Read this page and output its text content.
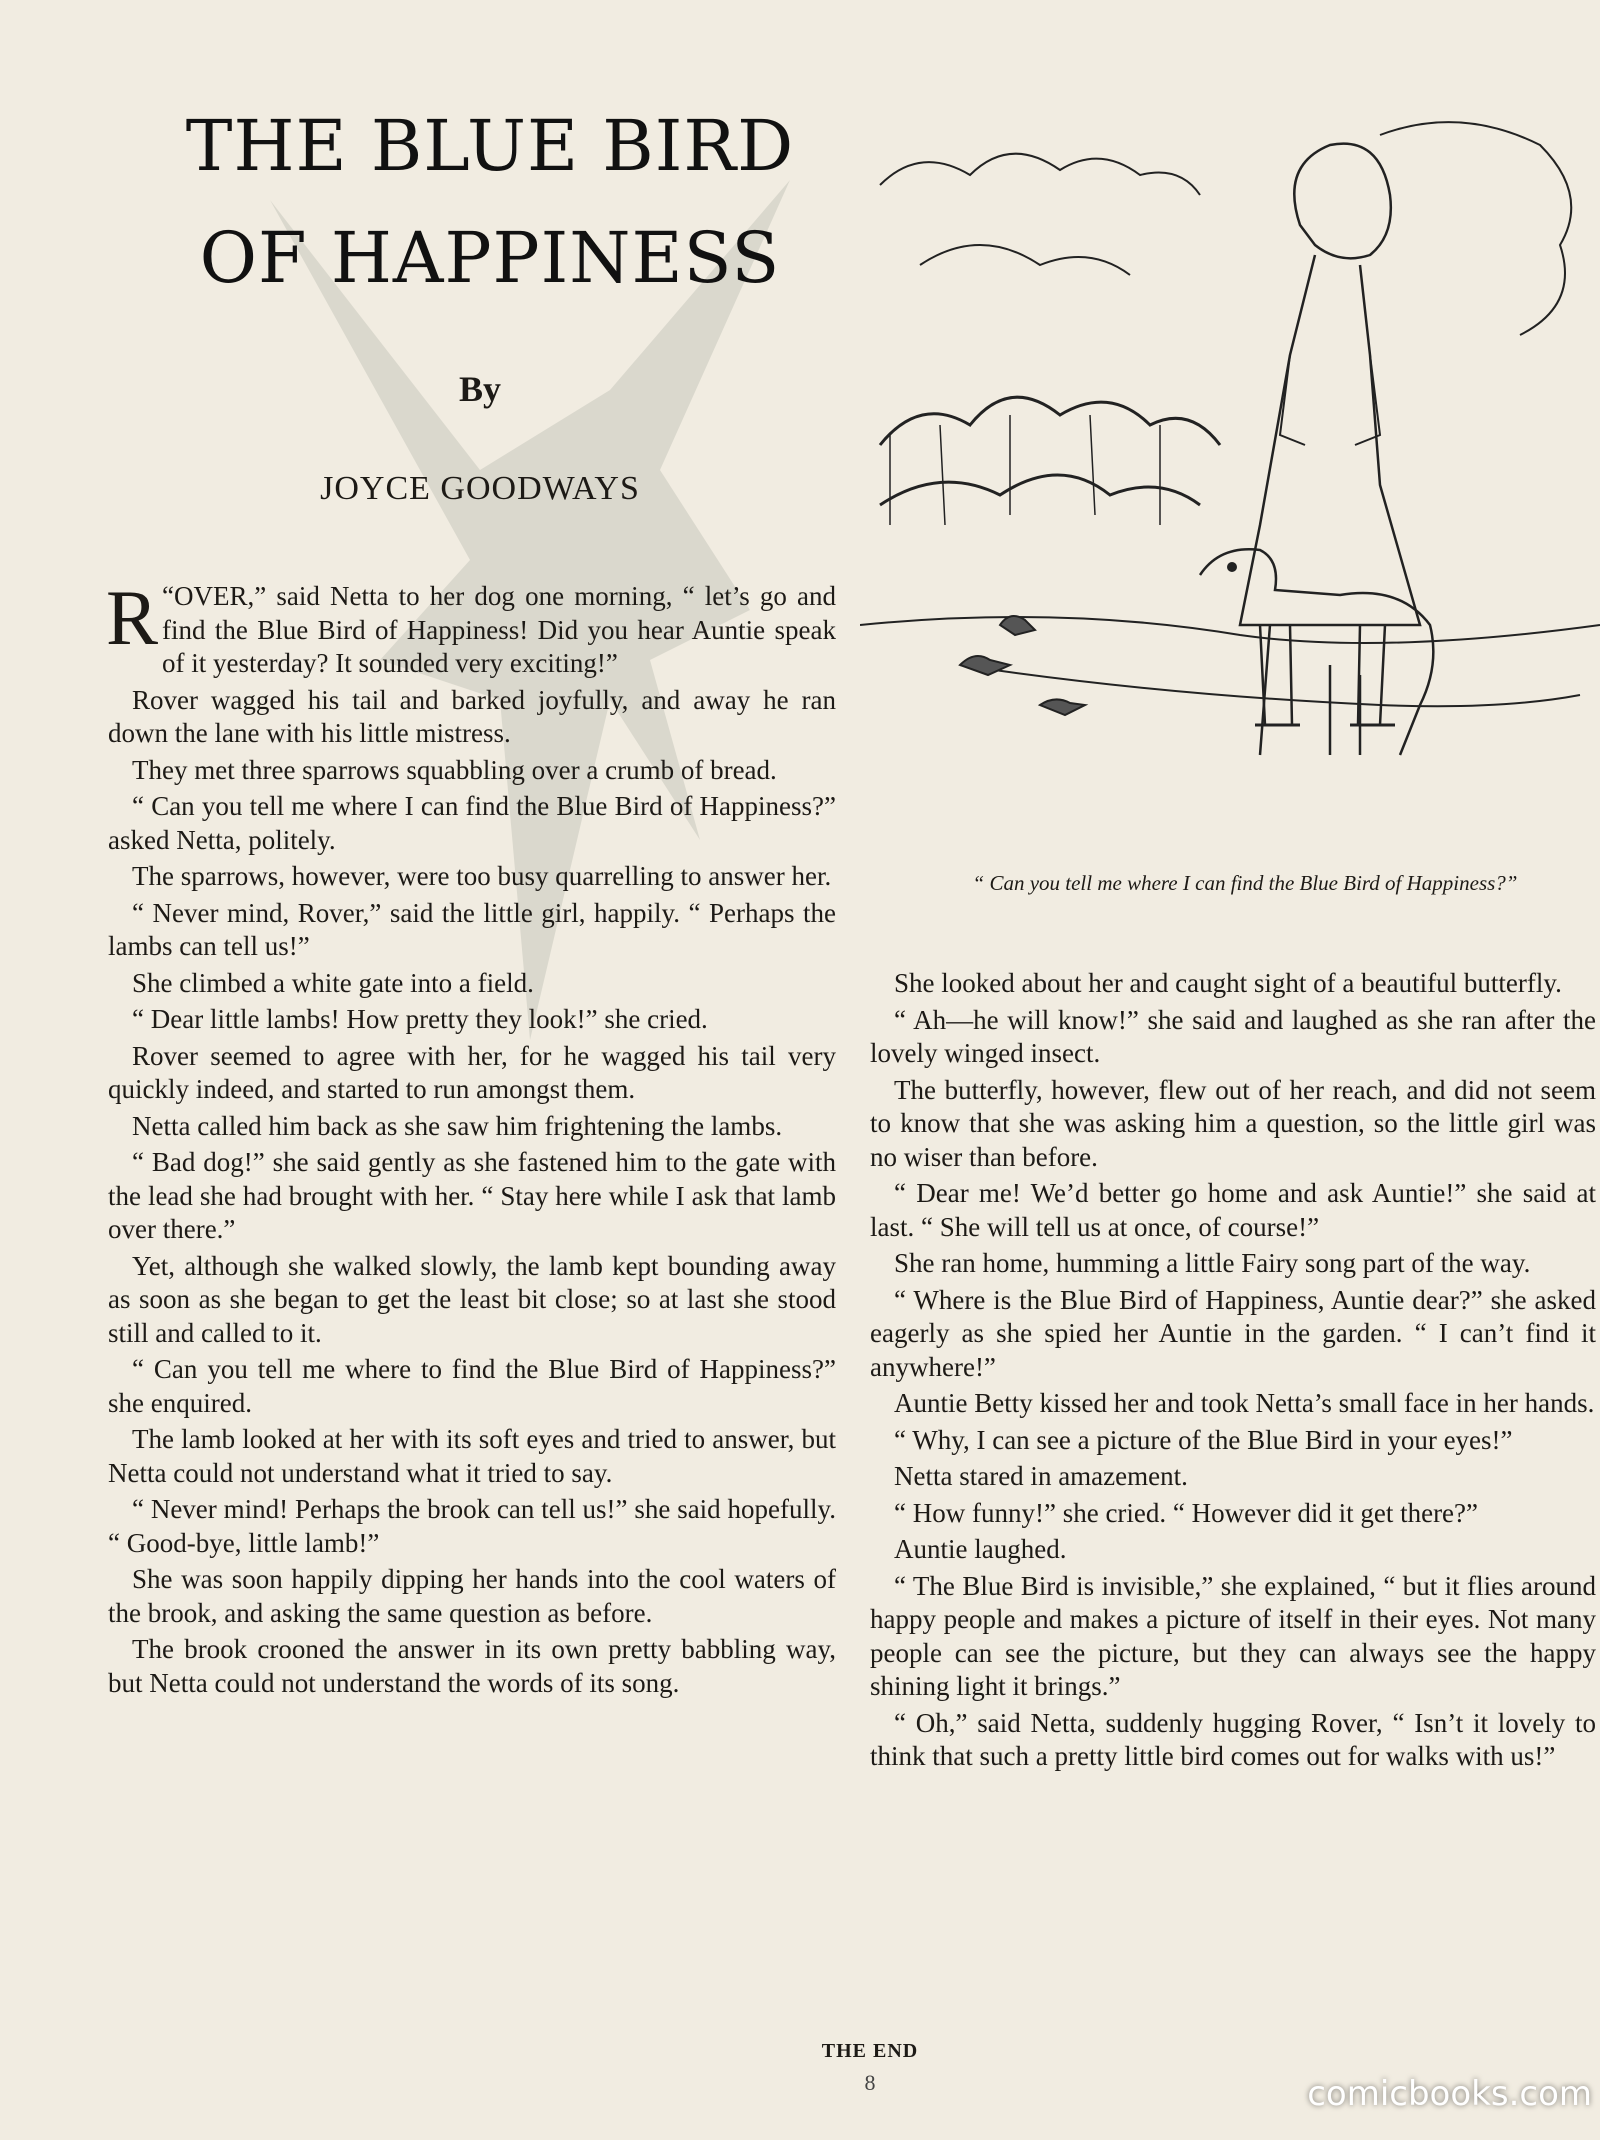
THE BLUE BIRD
OF HAPPINESS
By
JOYCE GOODWAYS

“
R OVER,” said Netta to her dog one morning, “ let’s go and find the Blue Bird of Happiness! Did you hear Auntie speak of it yesterday? It sounded very exciting!”

Rover wagged his tail and barked joyfully, and away he ran down the lane with his little mistress.

They met three sparrows squabbling over a crumb of bread.

“ Can you tell me where I can find the Blue Bird of Happiness?” asked Netta, politely.

The sparrows, however, were too busy quarrelling to answer her.

“ Never mind, Rover,” said the little girl, happily. “ Perhaps the lambs can tell us!”

She climbed a white gate into a field.

“ Dear little lambs! How pretty they look!” she cried.

Rover seemed to agree with her, for he wagged his tail very quickly indeed, and started to run amongst them.

Netta called him back as she saw him frightening the lambs.

“ Bad dog!” she said gently as she fastened him to the gate with the lead she had brought with her. “ Stay here while I ask that lamb over there.”

Yet, although she walked slowly, the lamb kept bounding away as soon as she began to get the least bit close; so at last she stood still and called to it.

“ Can you tell me where to find the Blue Bird of Happiness?” she enquired.

The lamb looked at her with its soft eyes and tried to answer, but Netta could not understand what it tried to say.

“ Never mind! Perhaps the brook can tell us!” she said hopefully. “ Good-bye, little lamb!”

She was soon happily dipping her hands into the cool waters of the brook, and asking the same question as before.

The brook crooned the answer in its own pretty babbling way, but Netta could not understand the words of its song.

“ Can you tell me where I can find the Blue Bird of Happiness?”

She looked about her and caught sight of a beautiful butterfly.

“ Ah—he will know!” she said and laughed as she ran after the lovely winged insect.

The butterfly, however, flew out of her reach, and did not seem to know that she was asking him a question, so the little girl was no wiser than before.

“ Dear me! We’d better go home and ask Auntie!” she said at last. “ She will tell us at once, of course!”

She ran home, humming a little Fairy song part of the way.

“ Where is the Blue Bird of Happiness, Auntie dear?” she asked eagerly as she spied her Auntie in the garden. “ I can’t find it anywhere!”

Auntie Betty kissed her and took Netta’s small face in her hands.

“ Why, I can see a picture of the Blue Bird in your eyes!”

Netta stared in amazement.

“ How funny!” she cried. “ However did it get there?”

Auntie laughed.

“ The Blue Bird is invisible,” she explained, “ but it flies around happy people and makes a picture of itself in their eyes. Not many people can see the picture, but they can always see the happy shining light it brings.”

“ Oh,” said Netta, suddenly hugging Rover, “ Isn’t it lovely to think that such a pretty little bird comes out for walks with us!”

THE END
8	comicbooks.com
